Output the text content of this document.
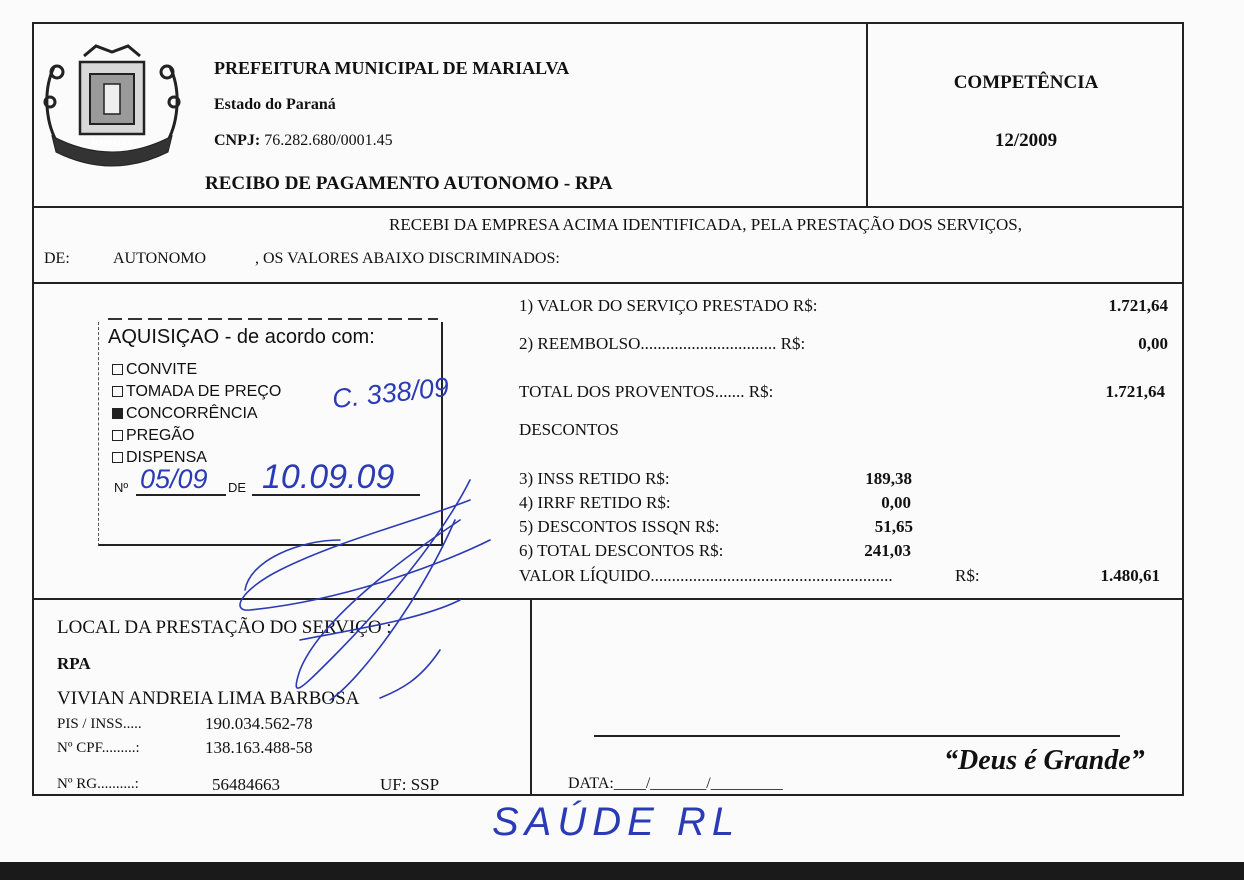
MARIALVA
PREFEITURA MUNICIPAL DE MARIALVA
Estado do Paraná
CNPJ: 76.282.680/0001.45
RECIBO DE PAGAMENTO AUTONOMO - RPA
COMPETÊNCIA
12/2009
RECEBI DA EMPRESA ACIMA IDENTIFICADA, PELA PRESTAÇÃO DOS SERVIÇOS,
DE:	AUTONOMO	, OS VALORES ABAIXO DISCRIMINADOS:
AQUISIÇAO - de acordo com:
CONVITE
TOMADA DE PREÇO
CONCORRÊNCIA
PREGÃO
DISPENSA
Nº	DE
05/09 10.09.09
C. 338/09
1) VALOR DO SERVIÇO PRESTADO R$:	1.721,64
2) REEMBOLSO................................ R$:	0,00
TOTAL DOS PROVENTOS....... R$:	1.721,64
DESCONTOS
3) INSS RETIDO R$:	189,38
4) IRRF RETIDO R$:	0,00
5) DESCONTOS ISSQN R$:	51,65
6) TOTAL DESCONTOS R$:	241,03
VALOR LÍQUIDO.........................................................	R$:	1.480,61
LOCAL DA PRESTAÇÃO DO SERVIÇO :
RPA
VIVIAN ANDREIA LIMA BARBOSA
PIS / INSS.....	190.034.562-78
Nº CPF.........:	138.163.488-58
Nº RG..........:	56484663	UF: SSP	DATA:____/_______/_________
“Deus é Grande”
SAÚDE RL
